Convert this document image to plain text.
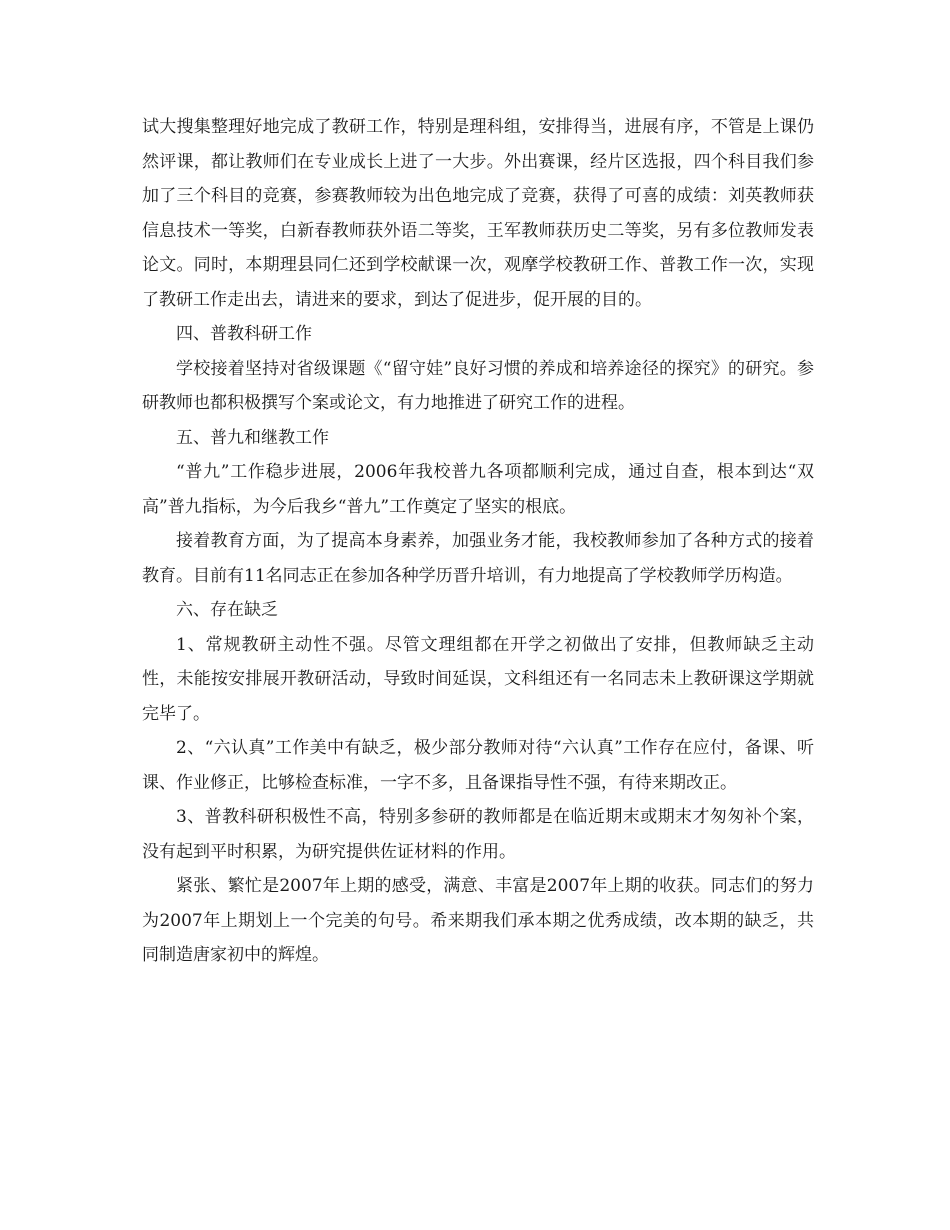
试大搜集整理好地完成了教研工作，特别是理科组，安排得当，进展有序，不管是上课仍然评课，都让教师们在专业成长上进了一大步。外出赛课，经片区选报，四个科目我们参加了三个科目的竞赛，参赛教师较为出色地完成了竞赛，获得了可喜的成绩：刘英教师获信息技术一等奖，白新春教师获外语二等奖，王军教师获历史二等奖，另有多位教师发表论文。同时，本期理县同仁还到学校献课一次，观摩学校教研工作、普教工作一次，实现了教研工作走出去，请进来的要求，到达了促进步，促开展的目的。

四、普教科研工作

学校接着坚持对省级课题《“留守娃”良好习惯的养成和培养途径的探究》的研究。参研教师也都积极撰写个案或论文，有力地推进了研究工作的进程。

五、普九和继教工作

“普九”工作稳步进展，2006年我校普九各项都顺利完成，通过自查，根本到达“双高”普九指标，为今后我乡“普九”工作奠定了坚实的根底。

接着教育方面，为了提高本身素养，加强业务才能，我校教师参加了各种方式的接着教育。目前有11名同志正在参加各种学历晋升培训，有力地提高了学校教师学历构造。

六、存在缺乏

1、常规教研主动性不强。尽管文理组都在开学之初做出了安排，但教师缺乏主动性，未能按安排展开教研活动，导致时间延误，文科组还有一名同志未上教研课这学期就完毕了。

2、“六认真”工作美中有缺乏，极少部分教师对待“六认真”工作存在应付，备课、听课、作业修正，比够检查标准，一字不多，且备课指导性不强，有待来期改正。

3、普教科研积极性不高，特别多参研的教师都是在临近期末或期末才匆匆补个案，没有起到平时积累，为研究提供佐证材料的作用。

紧张、繁忙是2007年上期的感受，满意、丰富是2007年上期的收获。同志们的努力为2007年上期划上一个完美的句号。希来期我们承本期之优秀成绩，改本期的缺乏，共同制造唐家初中的辉煌。
